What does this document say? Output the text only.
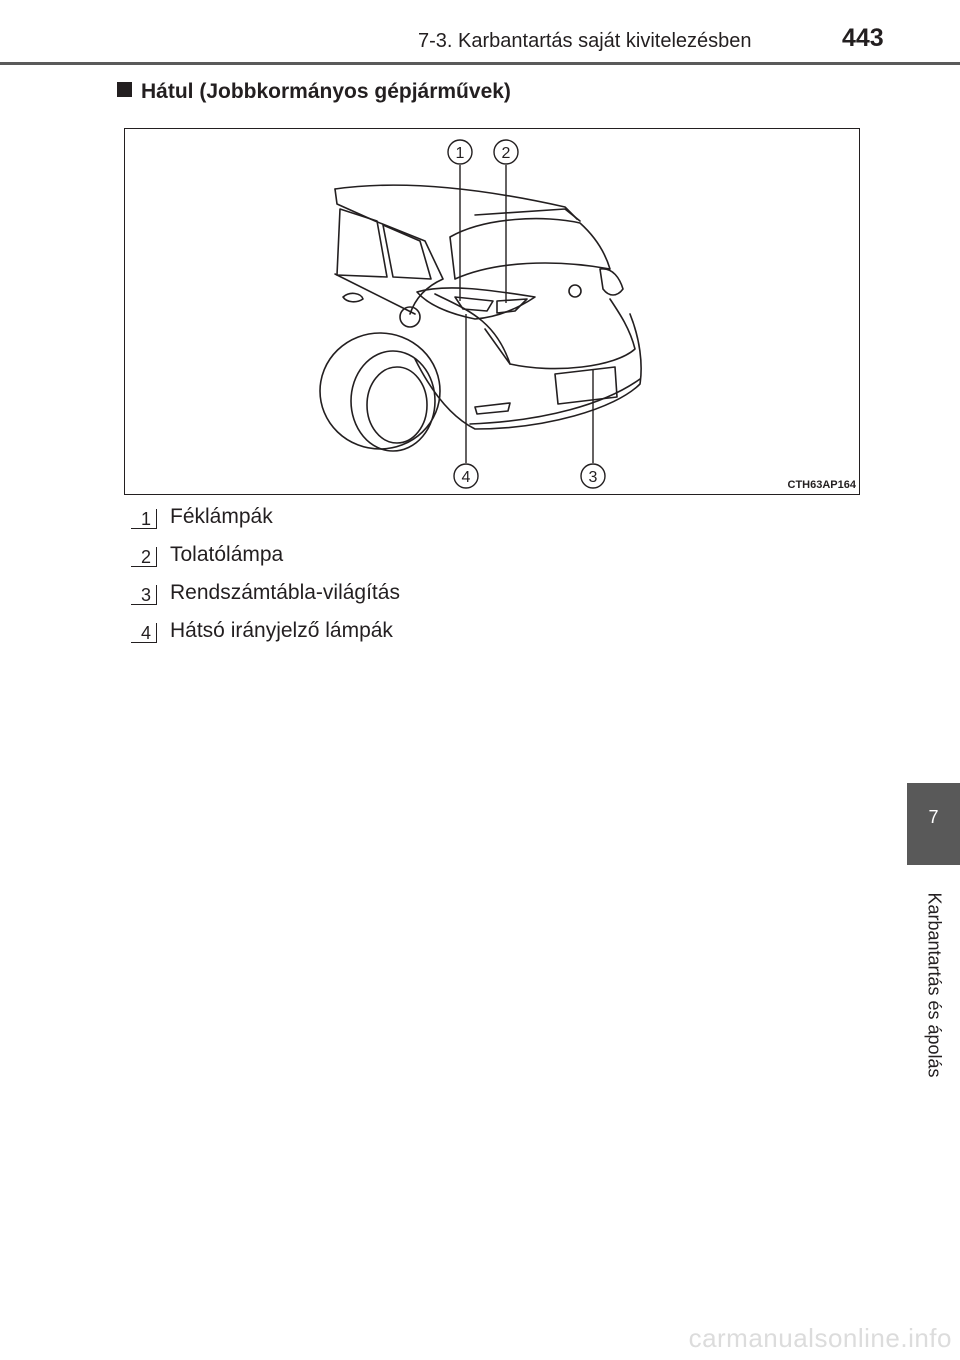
7-3. Karbantartás saját kivitelezésben	443
Hátul (Jobbkormányos gépjárművek)
1 2
3
4	CTH63AP164
1 Féklámpák
2 Tolatólámpa
3 Rendszámtábla-világítás
4 Hátsó irányjelző lámpák
7
Karbantartás és ápolás
carmanualsonline.info
